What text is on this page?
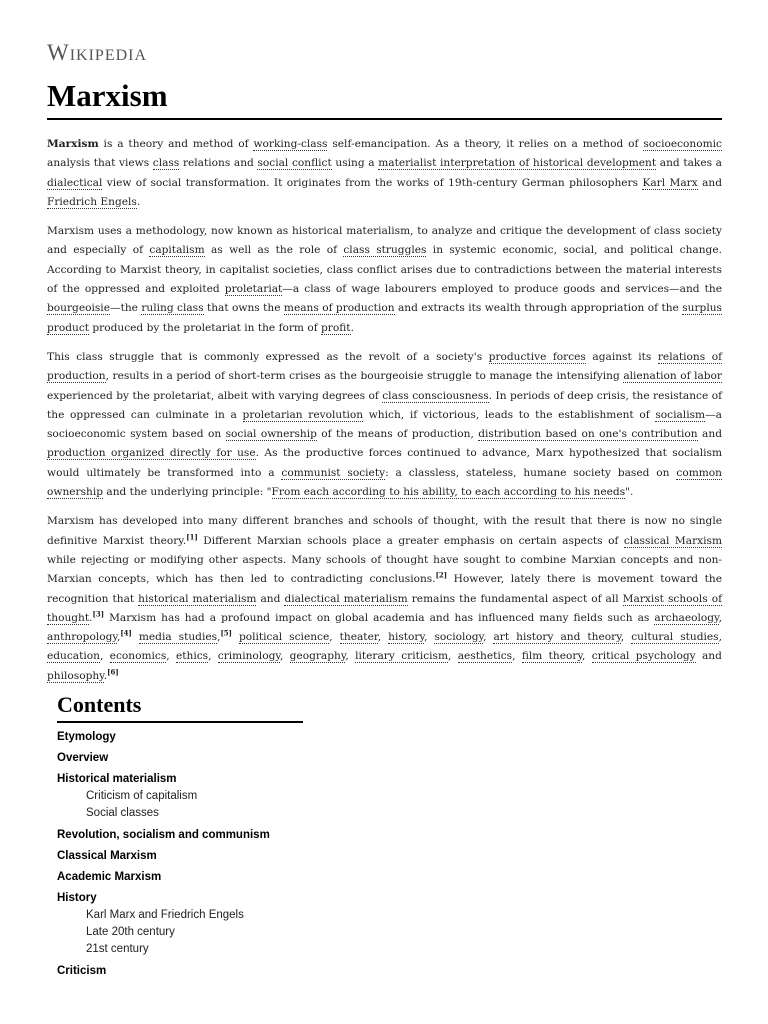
Wikipedia
Marxism

Marxism is a theory and method of working-class self-emancipation. As a theory, it relies on a method of socioeconomic analysis that views class relations and social conflict using a materialist interpretation of historical development and takes a dialectical view of social transformation. It originates from the works of 19th-century German philosophers Karl Marx and Friedrich Engels.

Marxism uses a methodology, now known as historical materialism, to analyze and critique the development of class society and especially of capitalism as well as the role of class struggles in systemic economic, social, and political change. According to Marxist theory, in capitalist societies, class conflict arises due to contradictions between the material interests of the oppressed and exploited proletariat—a class of wage labourers employed to produce goods and services—and the bourgeoisie—the ruling class that owns the means of production and extracts its wealth through appropriation of the surplus product produced by the proletariat in the form of profit.

This class struggle that is commonly expressed as the revolt of a society's productive forces against its relations of production, results in a period of short-term crises as the bourgeoisie struggle to manage the intensifying alienation of labor experienced by the proletariat, albeit with varying degrees of class consciousness. In periods of deep crisis, the resistance of the oppressed can culminate in a proletarian revolution which, if victorious, leads to the establishment of socialism—a socioeconomic system based on social ownership of the means of production, distribution based on one's contribution and production organized directly for use. As the productive forces continued to advance, Marx hypothesized that socialism would ultimately be transformed into a communist society: a classless, stateless, humane society based on common ownership and the underlying principle: "From each according to his ability, to each according to his needs".

Marxism has developed into many different branches and schools of thought, with the result that there is now no single definitive Marxist theory.[1] Different Marxian schools place a greater emphasis on certain aspects of classical Marxism while rejecting or modifying other aspects. Many schools of thought have sought to combine Marxian concepts and non-Marxian concepts, which has then led to contradicting conclusions.[2] However, lately there is movement toward the recognition that historical materialism and dialectical materialism remains the fundamental aspect of all Marxist schools of thought.[3] Marxism has had a profound impact on global academia and has influenced many fields such as archaeology, anthropology,[4] media studies,[5] political science, theater, history, sociology, art history and theory, cultural studies, education, economics, ethics, criminology, geography, literary criticism, aesthetics, film theory, critical psychology and philosophy.[6]

Contents
Etymology
Overview
Historical materialism
Criticism of capitalism
Social classes
Revolution, socialism and communism
Classical Marxism
Academic Marxism
History
Karl Marx and Friedrich Engels
Late 20th century
21st century
Criticism
